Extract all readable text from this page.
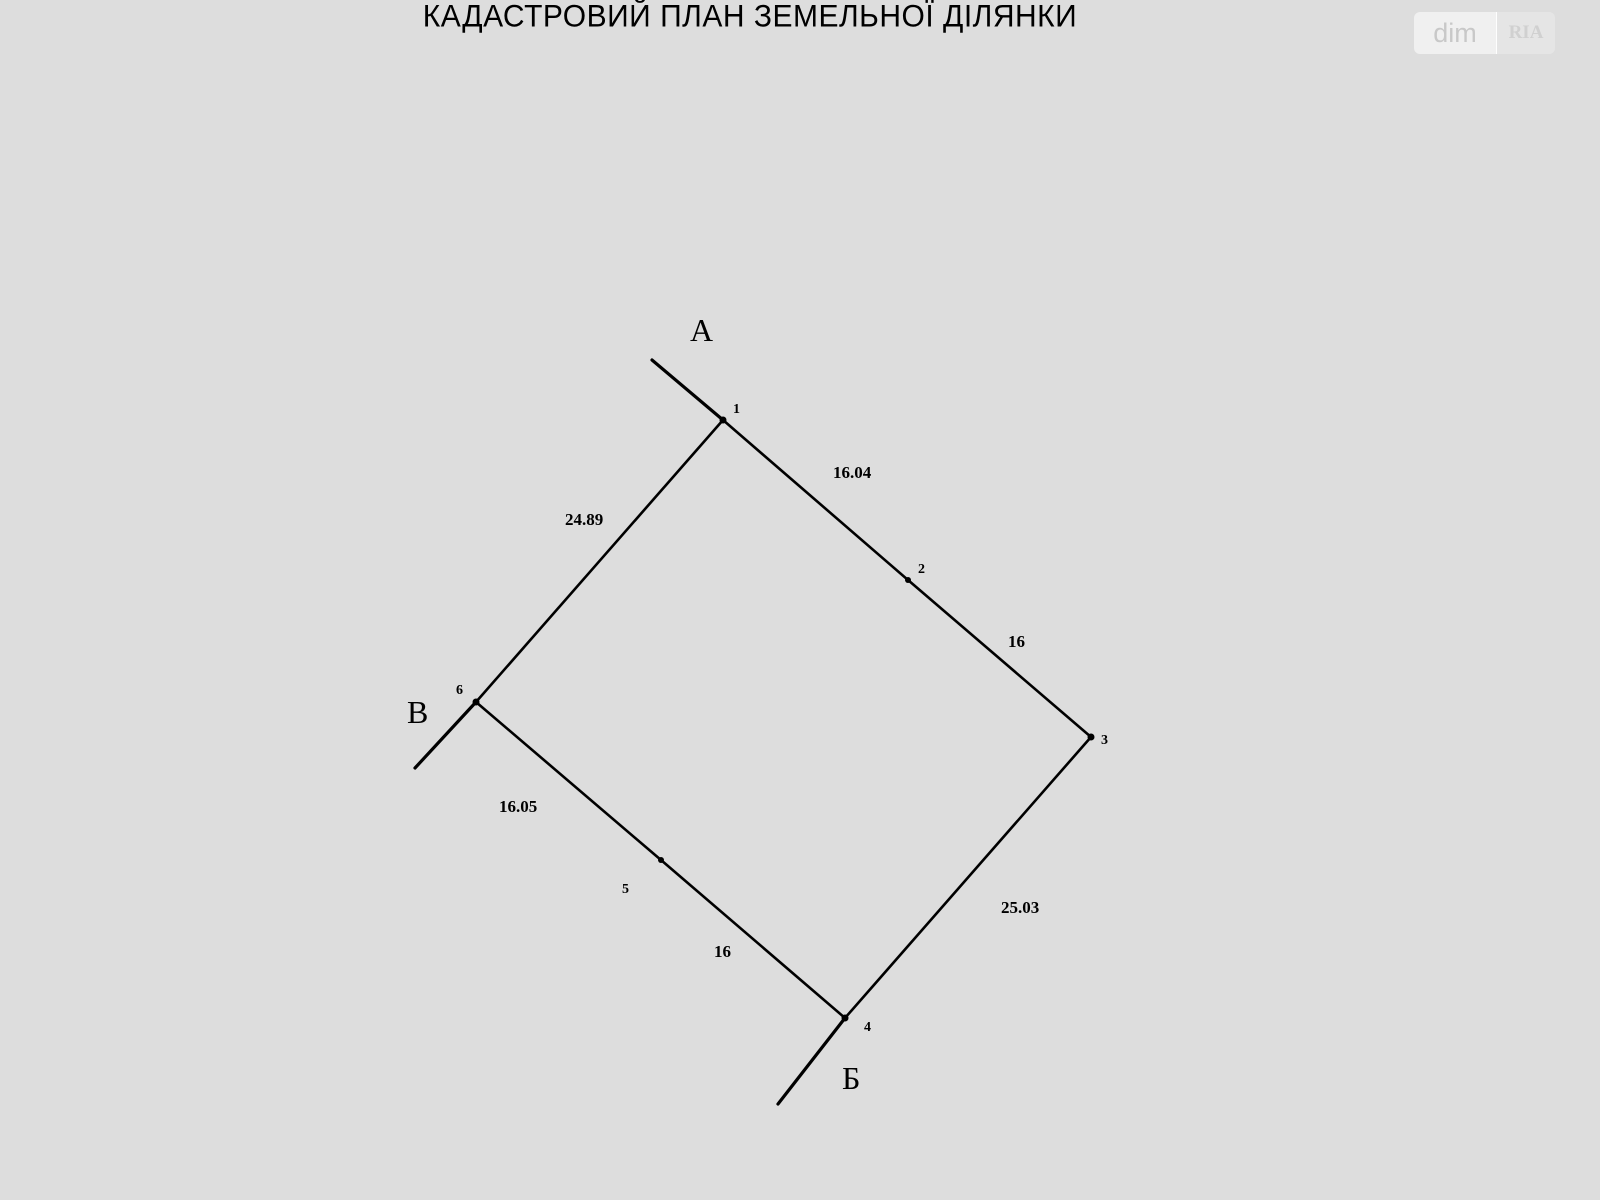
КАДАСТРОВИЙ ПЛАН ЗЕМЕЛЬНОЇ ДІЛЯНКИ	dim	RIA
А
В
Б
1
2
3
4
5
6
24.89
16.04
16
25.03
16.05
16
